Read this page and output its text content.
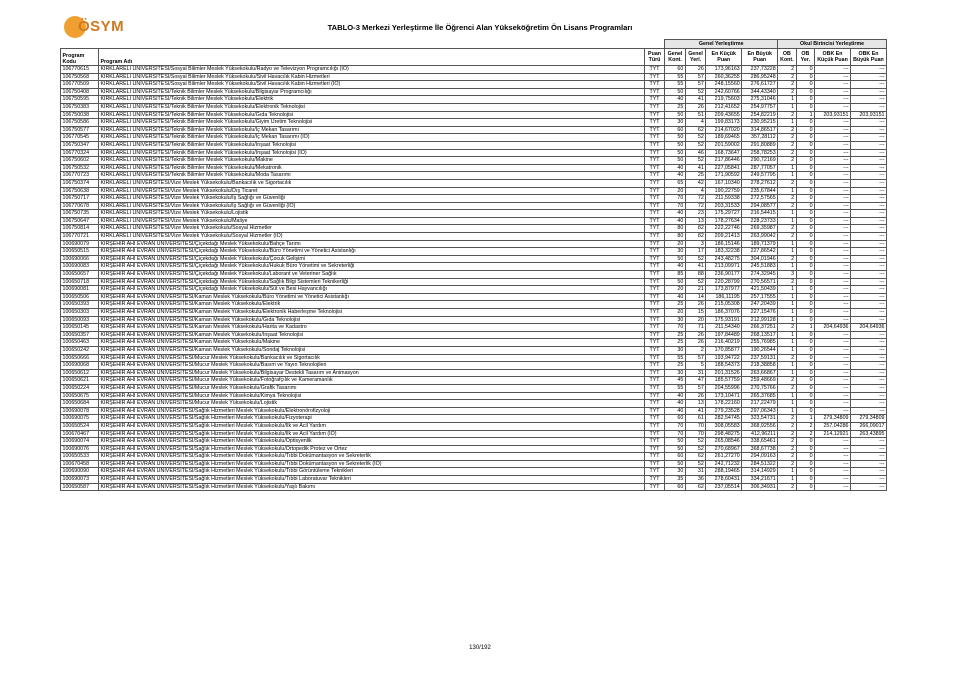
ÖSYM	TABLO-3 Merkezi Yerleştirme İle Öğrenci Alan Yükseköğretim Ön Lisans Programları
			Genel Yerleştirme				Okul Birincisi Yerleştirme			
Program Kodu	Program Adı	Puan Türü	Genel Kont.	Genel Yerl.	En Küçük Puan	En Büyük Puan	OB Kont.	OB Yer.	OBK En Küçük Puan	OBK En Büyük Puan
106770615	KIRKLARELİ ÜNİVERSİTESİ/Sosyal Bilimler Meslek Yüksekokulu/Radyo ve Televizyon Programcılığı (İÖ)	TYT	60	26	173,96163	237,73228	2	0	---	---
106750568	KIRKLARELİ ÜNİVERSİTESİ/Sosyal Bilimler Meslek Yüksekokulu/Sivil Havacılık Kabin Hizmetleri	TYT	55	57	260,36255	286,95248	2	0	---	---
106770509	KIRKLARELİ ÜNİVERSİTESİ/Sosyal Bilimler Meslek Yüksekokulu/Sivil Havacılık Kabin Hizmetleri (İÖ)	TYT	55	57	248,15560	276,61727	2	0	---	---
106750408	KIRKLARELİ ÜNİVERSİTESİ/Teknik Bilimler Meslek Yüksekokulu/Bilgisayar Programcılığı	TYT	50	52	242,60766	344,43340	2	0	---	---
106750595	KIRKLARELİ ÜNİVERSİTESİ/Teknik Bilimler Meslek Yüksekokulu/Elektrik	TYT	40	41	219,75603	275,31046	1	0	---	---
106750383	KIRKLARELİ ÜNİVERSİTESİ/Teknik Bilimler Meslek Yüksekokulu/Elektronik Teknolojisi	TYT	25	26	212,41652	254,97757	1	0	---	---
106750038	KIRKLARELİ ÜNİVERSİTESİ/Teknik Bilimler Meslek Yüksekokulu/Gıda Teknolojisi	TYT	50	51	209,43655	254,82219	2	1	203,93151	203,93151
106750586	KIRKLARELİ ÜNİVERSİTESİ/Teknik Bilimler Meslek Yüksekokulu/Giyim Üretim Teknolojisi	TYT	30	4	199,83173	230,95215	1	0	---	---
106750577	KIRKLARELİ ÜNİVERSİTESİ/Teknik Bilimler Meslek Yüksekokulu/İç Mekan Tasarımı	TYT	60	62	214,67020	314,86517	2	0	---	---
106770545	KIRKLARELİ ÜNİVERSİTESİ/Teknik Bilimler Meslek Yüksekokulu/İç Mekan Tasarımı (İÖ)	TYT	50	52	189,69465	357,28112	2	0	---	---
106750347	KIRKLARELİ ÜNİVERSİTESİ/Teknik Bilimler Meslek Yüksekokulu/İnşaat Teknolojisi	TYT	50	52	201,59002	291,80889	2	0	---	---
106770324	KIRKLARELİ ÜNİVERSİTESİ/Teknik Bilimler Meslek Yüksekokulu/İnşaat Teknolojisi (İÖ)	TYT	50	46	168,73647	258,78253	2	0	---	---
106750602	KIRKLARELİ ÜNİVERSİTESİ/Teknik Bilimler Meslek Yüksekokulu/Makine	TYT	50	52	217,86446	290,72169	2	0	---	---
106750532	KIRKLARELİ ÜNİVERSİTESİ/Teknik Bilimler Meslek Yüksekokulu/Mekatronik	TYT	40	41	227,05841	287,77057	1	0	---	---
106770723	KIRKLARELİ ÜNİVERSİTESİ/Teknik Bilimler Meslek Yüksekokulu/Moda Tasarımı	TYT	40	25	171,90592	249,57795	1	0	---	---
106750374	KIRKLARELİ ÜNİVERSİTESİ/Vize Meslek Yüksekokulu/Bankacılık ve Sigortacılık	TYT	65	42	167,10340	278,27612	2	0	---	---
106750638	KIRKLARELİ ÜNİVERSİTESİ/Vize Meslek Yüksekokulu/Dış Ticaret	TYT	20	4	190,22759	235,67844	1	0	---	---
106750717	KIRKLARELİ ÜNİVERSİTESİ/Vize Meslek Yüksekokulu/İş Sağlığı ve Güvenliği	TYT	70	72	211,59338	272,57565	2	0	---	---
106770678	KIRKLARELİ ÜNİVERSİTESİ/Vize Meslek Yüksekokulu/İş Sağlığı ve Güvenliği (İÖ)	TYT	70	72	203,31533	294,08577	2	0	---	---
106750735	KIRKLARELİ ÜNİVERSİTESİ/Vize Meslek Yüksekokulu/Lojistik	TYT	40	23	175,29727	216,54415	1	0	---	---
106750647	KIRKLARELİ ÜNİVERSİTESİ/Vize Meslek Yüksekokulu/Maliye	TYT	40	13	178,27634	228,23733	1	0	---	---
106750814	KIRKLARELİ ÜNİVERSİTESİ/Vize Meslek Yüksekokulu/Sosyal Hizmetler	TYT	80	82	222,22746	269,35987	2	0	---	---
106770721	KIRKLARELİ ÜNİVERSİTESİ/Vize Meslek Yüksekokulu/Sosyal Hizmetler (İÖ)	TYT	80	82	209,21413	263,99042	2	0	---	---
100690079	KIRŞEHİR AHİ EVRAN ÜNİVERSİTESİ/Çiçekdağı Meslek Yüksekokulu/Bahçe Tarımı	TYT	20	3	186,15146	189,71379	1	0	---	---
100650515	KIRŞEHİR AHİ EVRAN ÜNİVERSİTESİ/Çiçekdağı Meslek Yüksekokulu/Büro Yönetimi ve Yönetici Asistanlığı	TYT	30	17	183,32238	227,86542	1	0	---	---
100690066	KIRŞEHİR AHİ EVRAN ÜNİVERSİTESİ/Çiçekdağı Meslek Yüksekokulu/Çocuk Gelişimi	TYT	50	52	243,48275	304,01946	2	0	---	---
100690083	KIRŞEHİR AHİ EVRAN ÜNİVERSİTESİ/Çiçekdağı Meslek Yüksekokulu/Hukuk Büro Yönetimi ve Sekreterliği	TYT	40	41	213,09971	245,51883	1	0	---	---
100650657	KIRŞEHİR AHİ EVRAN ÜNİVERSİTESİ/Çiçekdağı Meslek Yüksekokulu/Laborant ve Veteriner Sağlık	TYT	85	88	236,90177	274,32945	3	0	---	---
100650718	KIRŞEHİR AHİ EVRAN ÜNİVERSİTESİ/Çiçekdağı Meslek Yüksekokulu/Sağlık Bilgi Sistemleri Teknikerliği	TYT	50	52	220,28799	270,56571	2	0	---	---
100690081	KIRŞEHİR AHİ EVRAN ÜNİVERSİTESİ/Çiçekdağı Meslek Yüksekokulu/Süt ve Besi Hayvancılığı	TYT	20	21	173,87977	421,50439	1	0	---	---
100650506	KIRŞEHİR AHİ EVRAN ÜNİVERSİTESİ/Kaman Meslek Yüksekokulu/Büro Yönetimi ve Yönetici Asistanlığı	TYT	40	14	186,11195	257,17555	1	0	---	---
100650393	KIRŞEHİR AHİ EVRAN ÜNİVERSİTESİ/Kaman Meslek Yüksekokulu/Elektrik	TYT	25	26	215,05308	247,20439	1	0	---	---
100650303	KIRŞEHİR AHİ EVRAN ÜNİVERSİTESİ/Kaman Meslek Yüksekokulu/Elektronik Haberleşme Teknolojisi	TYT	20	15	186,37076	227,15476	1	0	---	---
100650093	KIRŞEHİR AHİ EVRAN ÜNİVERSİTESİ/Kaman Meslek Yüksekokulu/Gıda Teknolojisi	TYT	30	20	175,93191	212,99128	1	0	---	---
100650145	KIRŞEHİR AHİ EVRAN ÜNİVERSİTESİ/Kaman Meslek Yüksekokulu/Harita ve Kadastro	TYT	70	71	211,54340	266,37251	2	1	204,64936	204,64936
100650357	KIRŞEHİR AHİ EVRAN ÜNİVERSİTESİ/Kaman Meslek Yüksekokulu/İnşaat Teknolojisi	TYT	25	26	197,84489	268,13517	1	0	---	---
100650463	KIRŞEHİR AHİ EVRAN ÜNİVERSİTESİ/Kaman Meslek Yüksekokulu/Makine	TYT	25	26	216,40219	255,76985	1	0	---	---
100650242	KIRŞEHİR AHİ EVRAN ÜNİVERSİTESİ/Kaman Meslek Yüksekokulu/Sondaj Teknolojisi	TYT	30	2	170,85877	190,26544	1	0	---	---
100650666	KIRŞEHİR AHİ EVRAN ÜNİVERSİTESİ/Mucur Meslek Yüksekokulu/Bankacılık ve Sigortacılık	TYT	55	57	193,94722	237,59131	2	0	---	---
100690068	KIRŞEHİR AHİ EVRAN ÜNİVERSİTESİ/Mucur Meslek Yüksekokulu/Basım ve Yayın Teknolojileri	TYT	25	5	188,54373	218,38858	1	0	---	---
100650612	KIRŞEHİR AHİ EVRAN ÜNİVERSİTESİ/Mucur Meslek Yüksekokulu/Bilgisayar Destekli Tasarım ve Animasyon	TYT	30	31	201,31526	263,66867	1	0	---	---
100650621	KIRŞEHİR AHİ EVRAN ÜNİVERSİTESİ/Mucur Meslek Yüksekokulu/Fotoğrafçılık ve Kameramanlık	TYT	45	47	185,57759	259,48669	2	0	---	---
100650224	KIRŞEHİR AHİ EVRAN ÜNİVERSİTESİ/Mucur Meslek Yüksekokulu/Grafik Tasarımı	TYT	55	57	204,55996	270,75766	2	0	---	---
100650675	KIRŞEHİR AHİ EVRAN ÜNİVERSİTESİ/Mucur Meslek Yüksekokulu/Kimya Teknolojisi	TYT	40	26	173,10471	265,37685	1	0	---	---
100650684	KIRŞEHİR AHİ EVRAN ÜNİVERSİTESİ/Mucur Meslek Yüksekokulu/Lojistik	TYT	40	13	178,22160	217,22479	1	0	---	---
100690078	KIRŞEHİR AHİ EVRAN ÜNİVERSİTESİ/Sağlık Hizmetleri Meslek Yüksekokulu/Elektronörofizyoloji	TYT	40	41	279,23528	297,06343	1	0	---	---
100690075	KIRŞEHİR AHİ EVRAN ÜNİVERSİTESİ/Sağlık Hizmetleri Meslek Yüksekokulu/Fizyoterapi	TYT	60	61	282,54745	323,54731	2	1	279,34809	279,34809
100650524	KIRŞEHİR AHİ EVRAN ÜNİVERSİTESİ/Sağlık Hizmetleri Meslek Yüksekokulu/İlk ve Acil Yardım	TYT	70	70	308,05583	368,92556	2	2	257,04286	266,09017
100670467	KIRŞEHİR AHİ EVRAN ÜNİVERSİTESİ/Sağlık Hizmetleri Meslek Yüksekokulu/İlk ve Acil Yardım (İÖ)	TYT	70	70	298,48275	412,96211	2	2	214,12921	263,43895
100690074	KIRŞEHİR AHİ EVRAN ÜNİVERSİTESİ/Sağlık Hizmetleri Meslek Yüksekokulu/Optisyenlik	TYT	50	52	265,08546	338,65461	2	0	---	---
100690076	KIRŞEHİR AHİ EVRAN ÜNİVERSİTESİ/Sağlık Hizmetleri Meslek Yüksekokulu/Ortopedik Protez ve Ortez	TYT	50	52	270,68967	368,67738	2	0	---	---
100650533	KIRŞEHİR AHİ EVRAN ÜNİVERSİTESİ/Sağlık Hizmetleri Meslek Yüksekokulu/Tıbbi Dokümantasyon ve Sekreterlik	TYT	60	62	261,27270	294,09163	2	0	---	---
100670458	KIRŞEHİR AHİ EVRAN ÜNİVERSİTESİ/Sağlık Hizmetleri Meslek Yüksekokulu/Tıbbi Dokümantasyon ve Sekreterlik (İÖ)	TYT	50	52	242,71232	284,51322	2	0	---	---
100690090	KIRŞEHİR AHİ EVRAN ÜNİVERSİTESİ/Sağlık Hizmetleri Meslek Yüksekokulu/Tıbbi Görüntüleme Teknikleri	TYT	30	31	288,19465	314,14929	1	0	---	---
100690073	KIRŞEHİR AHİ EVRAN ÜNİVERSİTESİ/Sağlık Hizmetleri Meslek Yüksekokulu/Tıbbi Laboratuvar Teknikleri	TYT	35	36	278,60431	334,21671	1	0	---	---
100650587	KIRŞEHİR AHİ EVRAN ÜNİVERSİTESİ/Sağlık Hizmetleri Meslek Yüksekokulu/Yaşlı Bakımı	TYT	60	62	237,05514	306,34931	2	0	---	---
130/192
